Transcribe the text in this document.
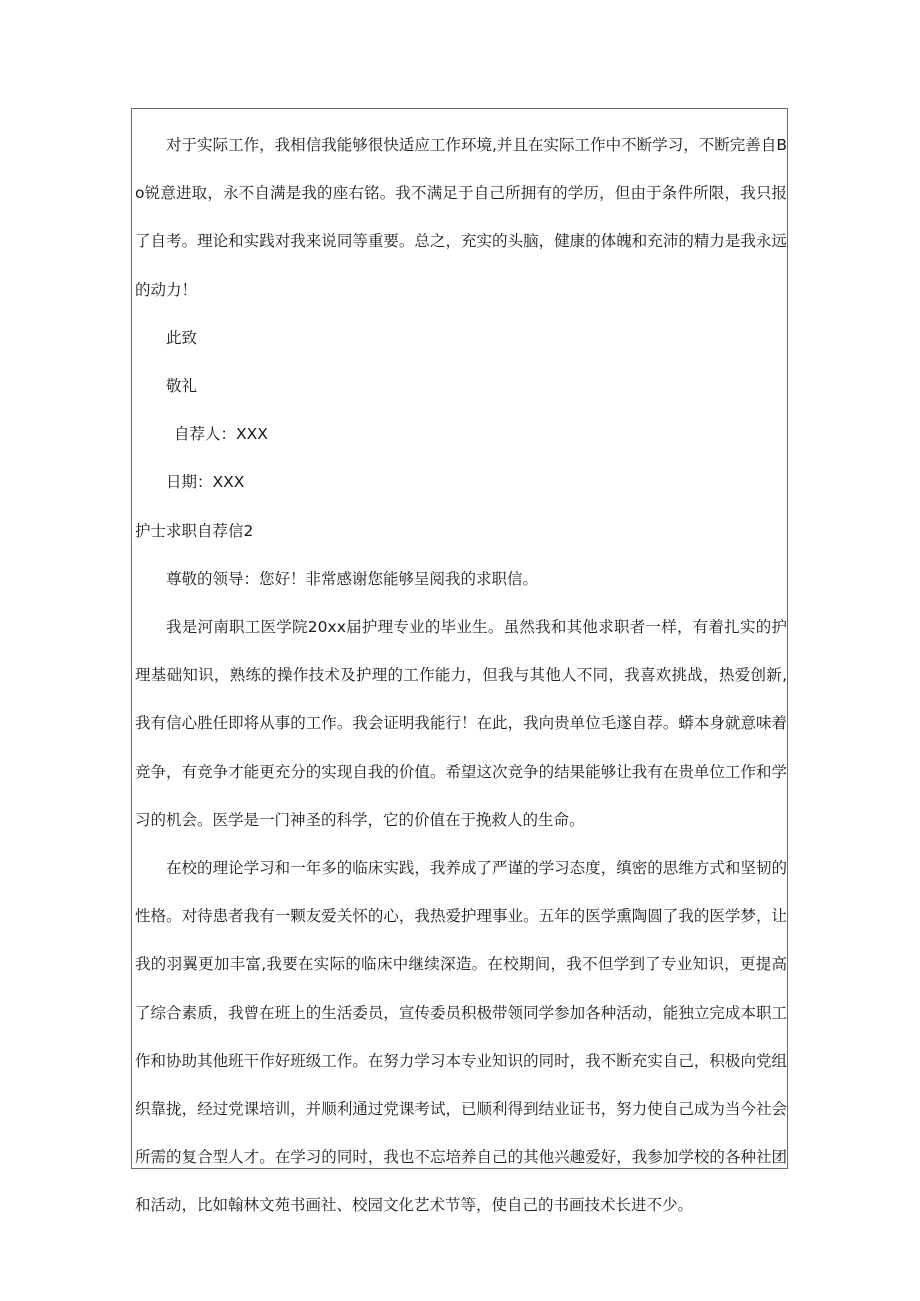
对于实际工作，我相信我能够很快适应工作环境,并且在实际工作中不断学习，不断完善自Bo锐意进取，永不自满是我的座右铭。我不满足于自己所拥有的学历，但由于条件所限，我只报了自考。理论和实践对我来说同等重要。总之，充实的头脑，健康的体魄和充沛的精力是我永远的动力！

此致

敬礼

自荐人：XXX

日期：XXX

护士求职自荐信2

尊敬的领导：您好！非常感谢您能够呈阅我的求职信。

我是河南职工医学院20xx届护理专业的毕业生。虽然我和其他求职者一样，有着扎实的护理基础知识，熟练的操作技术及护理的工作能力，但我与其他人不同，我喜欢挑战，热爱创新,我有信心胜任即将从事的工作。我会证明我能行！在此，我向贵单位毛遂自荐。蟒本身就意味着竞争，有竞争才能更充分的实现自我的价值。希望这次竞争的结果能够让我有在贵单位工作和学习的机会。医学是一门神圣的科学，它的价值在于挽救人的生命。

在校的理论学习和一年多的临床实践，我养成了严谨的学习态度，缜密的思维方式和坚韧的性格。对待患者我有一颗友爱关怀的心，我热爱护理事业。五年的医学熏陶圆了我的医学梦，让我的羽翼更加丰富,我要在实际的临床中继续深造。在校期间，我不但学到了专业知识，更提高了综合素质，我曾在班上的生活委员，宣传委员积极带领同学参加各种活动，能独立完成本职工作和协助其他班干作好班级工作。在努力学习本专业知识的同时，我不断充实自己，积极向党组织靠拢，经过党课培训，并顺利通过党课考试，已顺利得到结业证书，努力使自己成为当今社会所需的复合型人才。在学习的同时，我也不忘培养自己的其他兴趣爱好，我参加学校的各种社团和活动，比如翰林文苑书画社、校园文化艺术节等，使自己的书画技术长进不少。
